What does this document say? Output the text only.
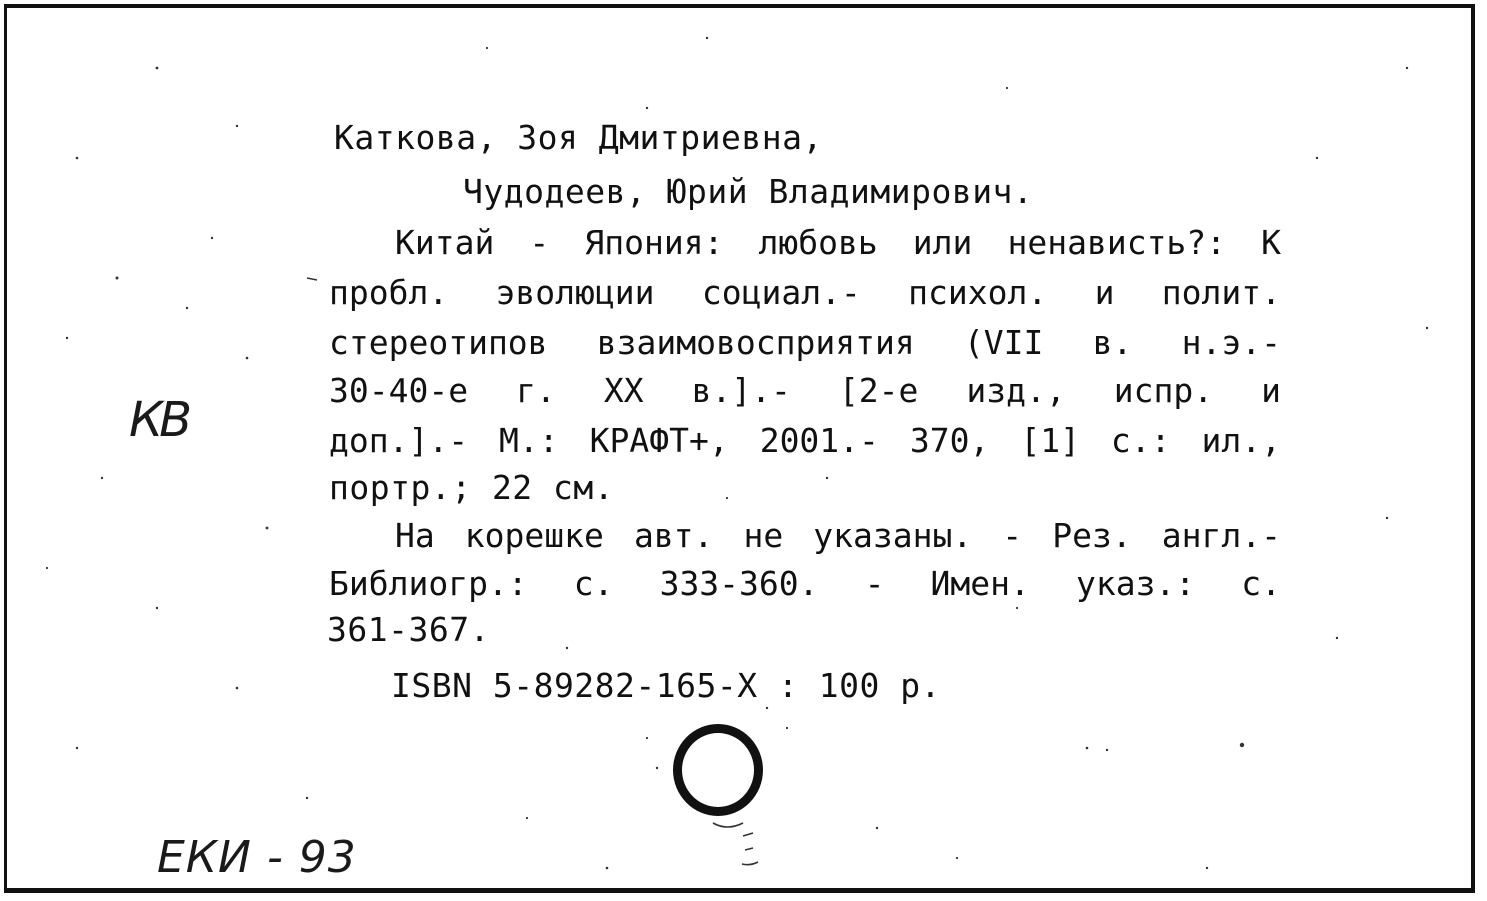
Каткова, Зоя Дмитриевна,
Чудодеев, Юрий Владимирович.
Китай - Япония: любовь или ненависть?: К
пробл. эволюции социал.- психол. и полит.
стереотипов взаимовосприятия (VII в. н.э.-
30-40-е г. XX в.].- [2-е изд., испр. и
доп.].- М.: КРАФТ+, 2001.- 370, [1] с.: ил.,
портр.; 22 см.
На корешке авт. не указаны. - Рез. англ.-
Библиогр.: с. 333-360. - Имен. указ.: с.
361-367.
ISBN 5-89282-165-X : 100 р.
КВ
ЕКИ - 93
